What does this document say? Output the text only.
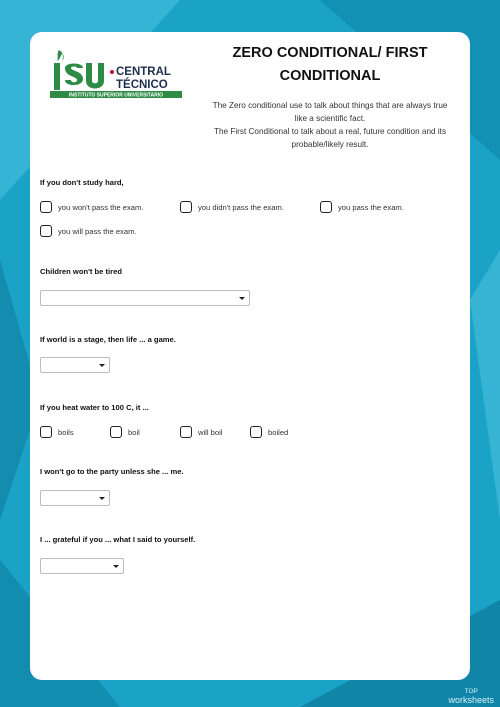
CENTRAL
TÉCNICO
INSTITUTO SUPERIOR UNIVERSITARIO
ZERO CONDITIONAL/ FIRST
CONDITIONAL
The Zero conditional use to talk about things that are always true
like a scientific fact.
The First Conditional to talk about a real, future condition and its
probable/likely result.
If you don't study hard,
you won't pass the exam.	you didn't pass the exam.	you pass the exam.
you will pass the exam.
Children won't be tired
If world is a stage, then life ... a game.
If you heat water to 100 C, it ...
boils	boil	will boil	boiled
I won't go to the party unless she ... me.
I ... grateful if you ... what I said to yourself.
TOP
worksheets
